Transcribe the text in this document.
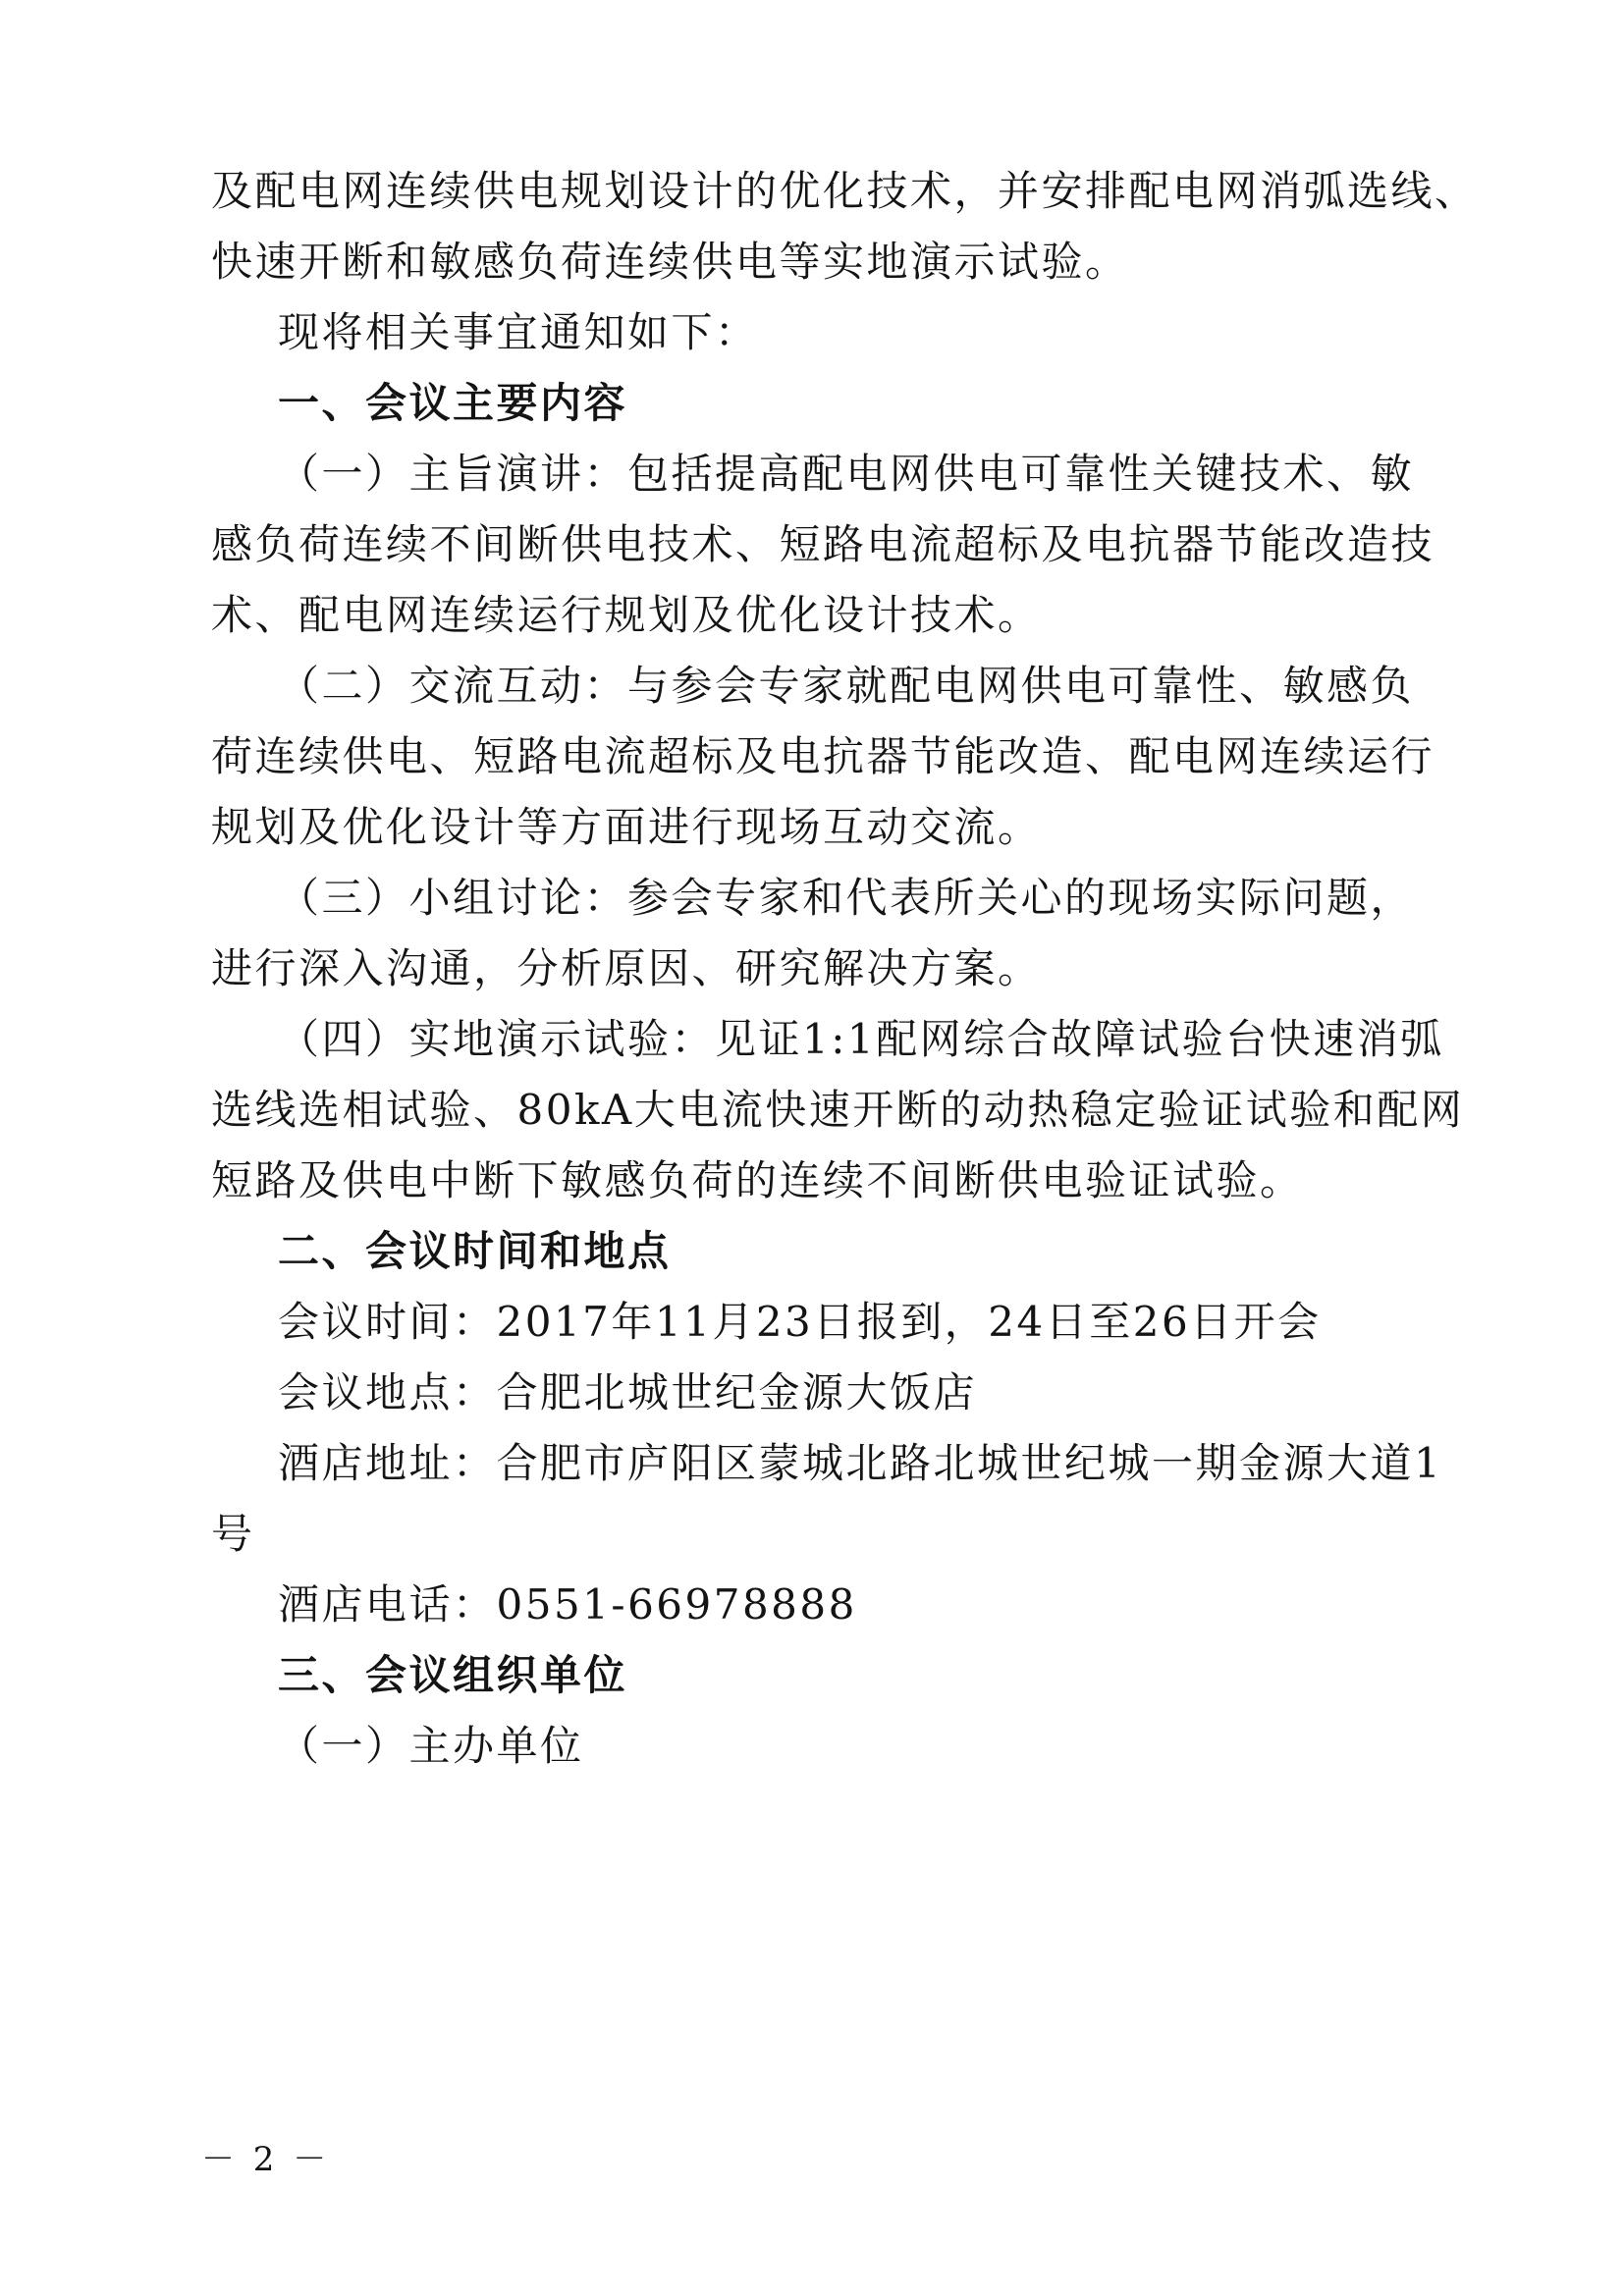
及配电网连续供电规划设计的优化技术，并安排配电网消弧选线、
快速开断和敏感负荷连续供电等实地演示试验。
现将相关事宜通知如下：
一、会议主要内容
（一）主旨演讲：包括提高配电网供电可靠性关键技术、敏
感负荷连续不间断供电技术、短路电流超标及电抗器节能改造技
术、配电网连续运行规划及优化设计技术。
（二）交流互动：与参会专家就配电网供电可靠性、敏感负
荷连续供电、短路电流超标及电抗器节能改造、配电网连续运行
规划及优化设计等方面进行现场互动交流。
（三）小组讨论：参会专家和代表所关心的现场实际问题，
进行深入沟通，分析原因、研究解决方案。
（四）实地演示试验：见证1:1配网综合故障试验台快速消弧
选线选相试验、80kA大电流快速开断的动热稳定验证试验和配网
短路及供电中断下敏感负荷的连续不间断供电验证试验。
二、会议时间和地点
会议时间：2017年11月23日报到，24日至26日开会
会议地点：合肥北城世纪金源大饭店
酒店地址：合肥市庐阳区蒙城北路北城世纪城一期金源大道1
号
酒店电话：0551-66978888
三、会议组织单位
（一）主办单位
－ 2 －
